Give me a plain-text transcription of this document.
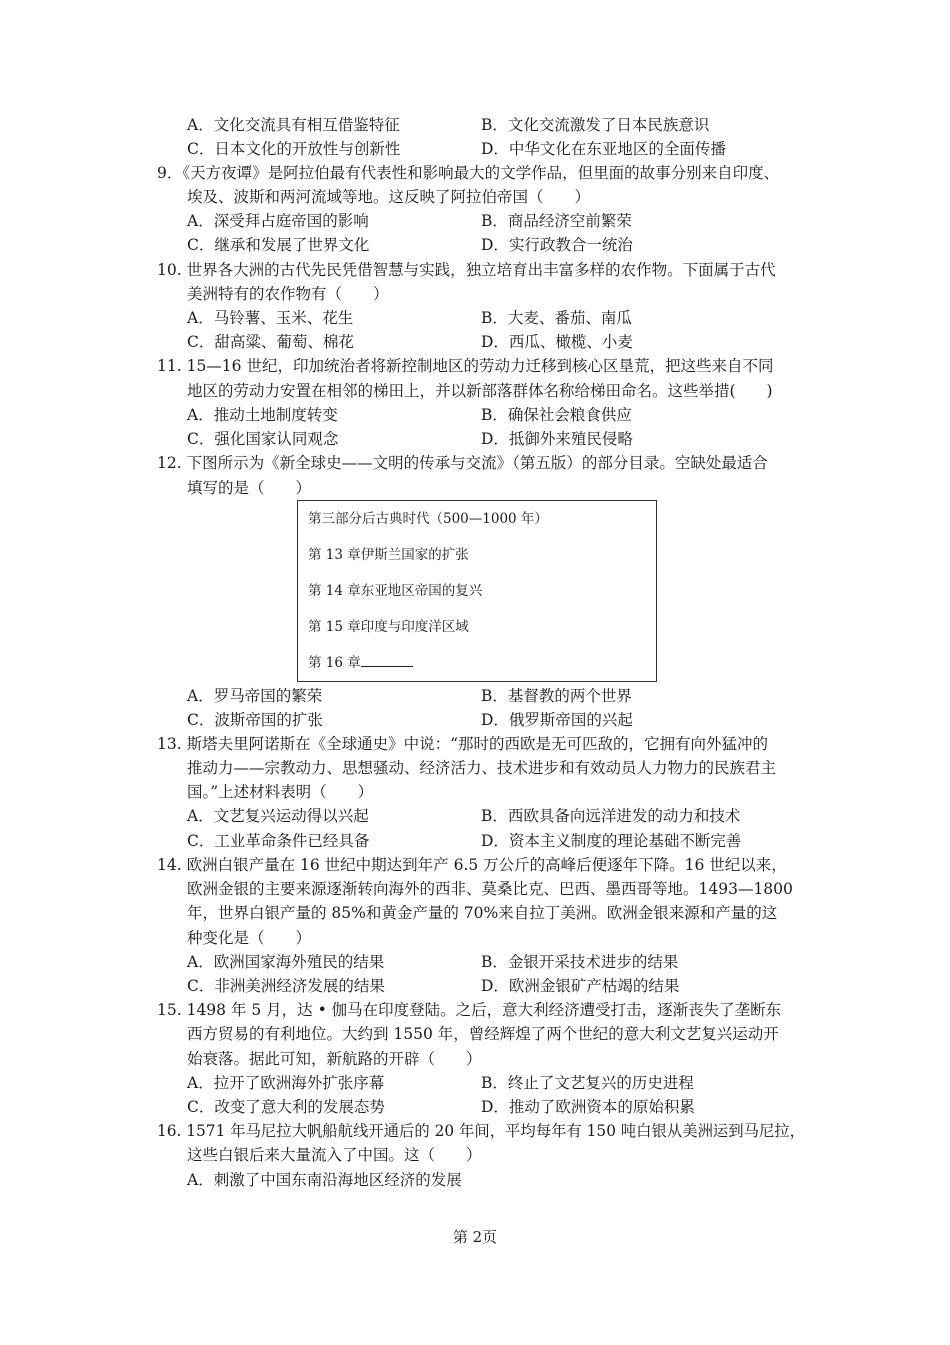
A．文化交流具有相互借鉴特征	B．文化交流激发了日本民族意识
C．日本文化的开放性与创新性	D．中华文化在东亚地区的全面传播
9．《天方夜谭》是阿拉伯最有代表性和影响最大的文学作品，但里面的故事分别来自印度、
埃及、波斯和两河流域等地。这反映了阿拉伯帝国（　　）
A．深受拜占庭帝国的影响	B．商品经济空前繁荣
C．继承和发展了世界文化	D．实行政教合一统治
10. 世界各大洲的古代先民凭借智慧与实践，独立培育出丰富多样的农作物。下面属于古代
美洲特有的农作物有（　　）
A．马铃薯、玉米、花生	B．大麦、番茄、南瓜
C．甜高粱、葡萄、棉花	D．西瓜、橄榄、小麦
11. 15—16 世纪，印加统治者将新控制地区的劳动力迁移到核心区垦荒，把这些来自不同
地区的劳动力安置在相邻的梯田上，并以新部落群体名称给梯田命名。这些举措(　　)
A．推动土地制度转变	B．确保社会粮食供应
C．强化国家认同观念	D．抵御外来殖民侵略
12. 下图所示为《新全球史——文明的传承与交流》（第五版）的部分目录。空缺处最适合
填写的是（　　）
第三部分后古典时代（500—1000 年）
第 13 章伊斯兰国家的扩张
第 14 章东亚地区帝国的复兴
第 15 章印度与印度洋区域
第 16 章
A．罗马帝国的繁荣	B．基督教的两个世界
C．波斯帝国的扩张	D．俄罗斯帝国的兴起
13. 斯塔夫里阿诺斯在《全球通史》中说：“那时的西欧是无可匹敌的，它拥有向外猛冲的
推动力——宗教动力、思想骚动、经济活力、技术进步和有效动员人力物力的民族君主
国。”上述材料表明（　　）
A．文艺复兴运动得以兴起	B．西欧具备向远洋进发的动力和技术
C．工业革命条件已经具备	D．资本主义制度的理论基础不断完善
14. 欧洲白银产量在 16 世纪中期达到年产 6.5 万公斤的高峰后便逐年下降。16 世纪以来，
欧洲金银的主要来源逐渐转向海外的西非、莫桑比克、巴西、墨西哥等地。1493—1800
年，世界白银产量的 85%和黄金产量的 70%来自拉丁美洲。欧洲金银来源和产量的这
种变化是（　　）
A．欧洲国家海外殖民的结果	B．金银开采技术进步的结果
C．非洲美洲经济发展的结果	D．欧洲金银矿产枯竭的结果
15. 1498 年 5 月，达 • 伽马在印度登陆。之后，意大利经济遭受打击，逐渐丧失了垄断东
西方贸易的有利地位。大约到 1550 年，曾经辉煌了两个世纪的意大利文艺复兴运动开
始衰落。据此可知，新航路的开辟（　　）
A．拉开了欧洲海外扩张序幕	B．终止了文艺复兴的历史进程
C．改变了意大利的发展态势	D．推动了欧洲资本的原始积累
16. 1571 年马尼拉大帆船航线开通后的 20 年间，平均每年有 150 吨白银从美洲运到马尼拉，
这些白银后来大量流入了中国。这（　　）
A．刺激了中国东南沿海地区经济的发展
第 2页
